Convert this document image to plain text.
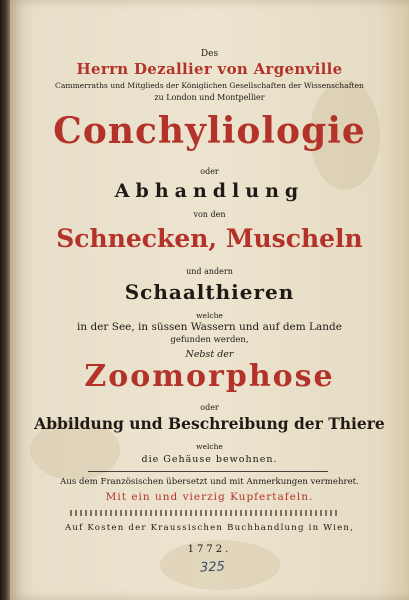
Des
Herrn Dezallier von Argenville
Cammerraths und Mitglieds der Königlichen Gesellschaften der Wissenschaften
zu London und Montpellier
Conchyliologie
oder
Abhandlung
von den
Schnecken, Muscheln
und andern
Schaalthieren
welche
in der See, in süssen Wassern und auf dem Lande
gefunden werden,
Nebst der
Zoomorphose
oder
Abbildung und Beschreibung der Thiere
welche
die Gehäuse bewohnen.
Aus dem Französischen übersetzt und mit Anmerkungen vermehret.
Mit ein und vierzig Kupfertafeln.
Auf Kosten der Kraussischen Buchhandlung in Wien,
1772.
325
